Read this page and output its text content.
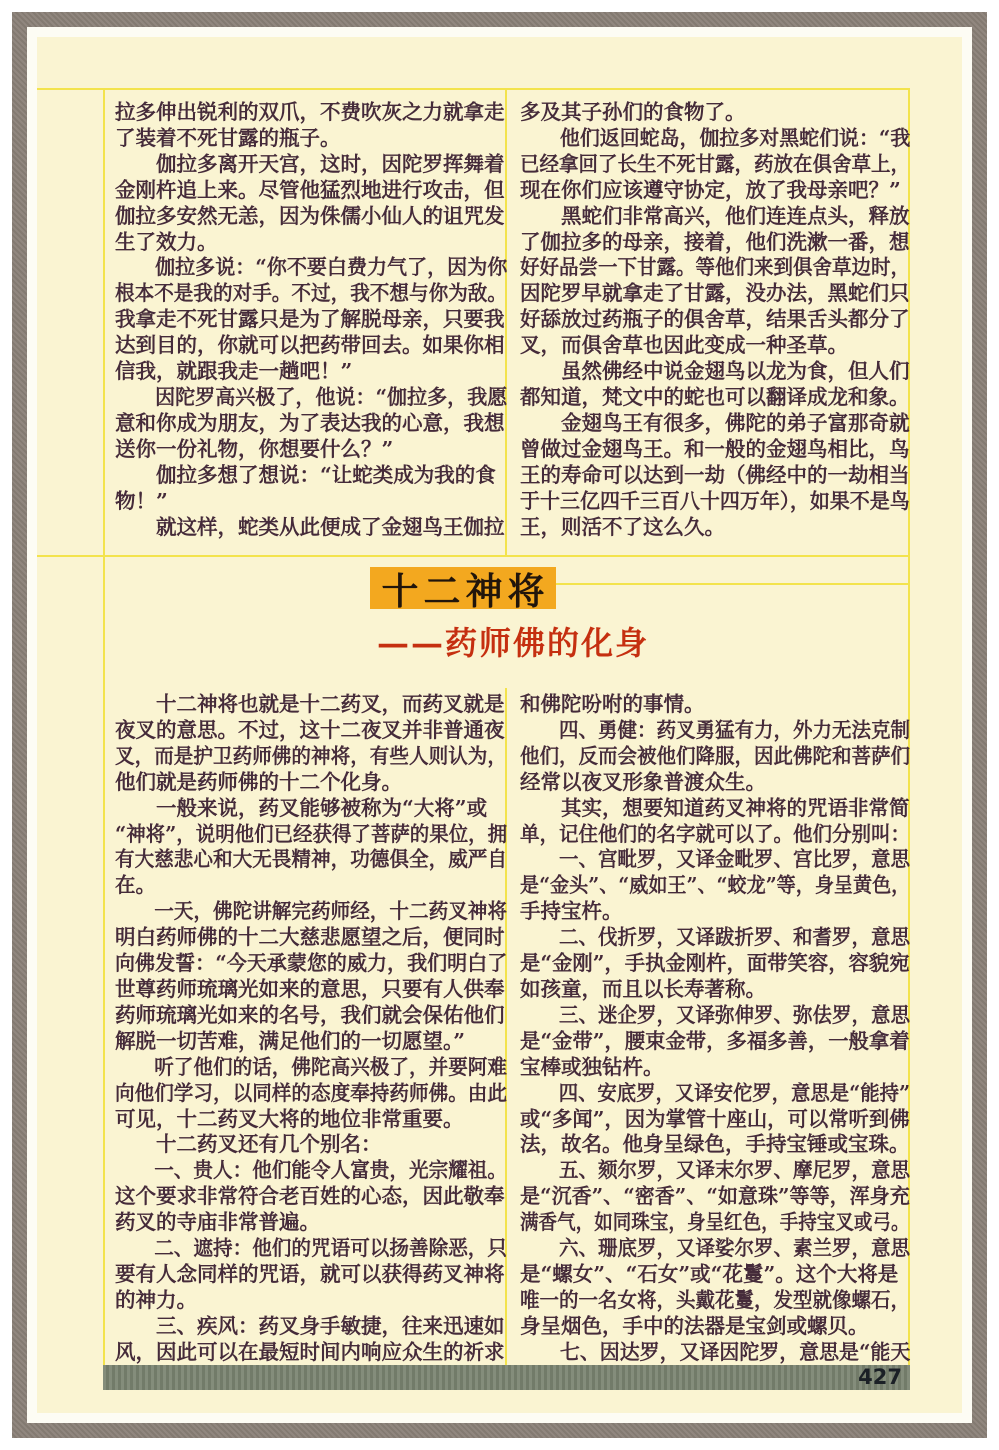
拉多伸出锐利的双爪，不费吹灰之力就拿走
了装着不死甘露的瓶子。
　　伽拉多离开天宫，这时，因陀罗挥舞着
金刚杵追上来。尽管他猛烈地进行攻击，但
伽拉多安然无恙，因为侏儒小仙人的诅咒发
生了效力。
　　伽拉多说：“你不要白费力气了，因为你
根本不是我的对手。不过，我不想与你为敌。
我拿走不死甘露只是为了解脱母亲，只要我
达到目的，你就可以把药带回去。如果你相
信我，就跟我走一趟吧！”
　　因陀罗高兴极了，他说：“伽拉多，我愿
意和你成为朋友，为了表达我的心意，我想
送你一份礼物，你想要什么？”
　　伽拉多想了想说：“让蛇类成为我的食
物！”
　　就这样，蛇类从此便成了金翅鸟王伽拉
多及其子孙们的食物了。
　　他们返回蛇岛，伽拉多对黑蛇们说：“我
已经拿回了长生不死甘露，药放在俱舍草上，
现在你们应该遵守协定，放了我母亲吧？”
　　黑蛇们非常高兴，他们连连点头，释放
了伽拉多的母亲，接着，他们洗漱一番，想
好好品尝一下甘露。等他们来到俱舍草边时，
因陀罗早就拿走了甘露，没办法，黑蛇们只
好舔放过药瓶子的俱舍草，结果舌头都分了
叉，而俱舍草也因此变成一种圣草。
　　虽然佛经中说金翅鸟以龙为食，但人们
都知道，梵文中的蛇也可以翻译成龙和象。
　　金翅鸟王有很多，佛陀的弟子富那奇就
曾做过金翅鸟王。和一般的金翅鸟相比，鸟
王的寿命可以达到一劫（佛经中的一劫相当
于十三亿四千三百八十四万年），如果不是鸟
王，则活不了这么久。
十二神将
——药师佛的化身
　　十二神将也就是十二药叉，而药叉就是
夜叉的意思。不过，这十二夜叉并非普通夜
叉，而是护卫药师佛的神将，有些人则认为，
他们就是药师佛的十二个化身。
　　一般来说，药叉能够被称为“大将”或
“神将”，说明他们已经获得了菩萨的果位，拥
有大慈悲心和大无畏精神，功德俱全，威严自
在。
　　一天，佛陀讲解完药师经，十二药叉神将
明白药师佛的十二大慈悲愿望之后，便同时
向佛发誓：“今天承蒙您的威力，我们明白了
世尊药师琉璃光如来的意思，只要有人供奉
药师琉璃光如来的名号，我们就会保佑他们
解脱一切苦难，满足他们的一切愿望。”
　　听了他们的话，佛陀高兴极了，并要阿难
向他们学习，以同样的态度奉持药师佛。由此
可见，十二药叉大将的地位非常重要。
　　十二药叉还有几个别名：
　　一、贵人：他们能令人富贵，光宗耀祖。
这个要求非常符合老百姓的心态，因此敬奉
药叉的寺庙非常普遍。
　　二、遮持：他们的咒语可以扬善除恶，只
要有人念同样的咒语，就可以获得药叉神将
的神力。
　　三、疾风：药叉身手敏捷，往来迅速如
风，因此可以在最短时间内响应众生的祈求
和佛陀吩咐的事情。
　　四、勇健：药叉勇猛有力，外力无法克制
他们，反而会被他们降服，因此佛陀和菩萨们
经常以夜叉形象普渡众生。
　　其实，想要知道药叉神将的咒语非常简
单，记住他们的名字就可以了。他们分别叫：
　　一、宫毗罗，又译金毗罗、宫比罗，意思
是“金头”、“威如王”、“蛟龙”等，身呈黄色，
手持宝杵。
　　二、伐折罗，又译跋折罗、和耆罗，意思
是“金刚”，手执金刚杵，面带笑容，容貌宛
如孩童，而且以长寿著称。
　　三、迷企罗，又译弥伸罗、弥佉罗，意思
是“金带”，腰束金带，多福多善，一般拿着
宝棒或独钻杵。
　　四、安底罗，又译安佗罗，意思是“能持”
或“多闻”，因为掌管十座山，可以常听到佛
法，故名。他身呈绿色，手持宝锤或宝珠。
　　五、颏尔罗，又译末尔罗、摩尼罗，意思
是“沉香”、“密香”、“如意珠”等等，浑身充
满香气，如同珠宝，身呈红色，手持宝叉或弓。
　　六、珊底罗，又译娑尔罗、素兰罗，意思
是“螺女”、“石女”或“花鬘”。这个大将是
唯一的一名女将，头戴花鬘，发型就像螺石，
身呈烟色，手中的法器是宝剑或螺贝。
　　七、因达罗，又译因陀罗，意思是“能天
427
